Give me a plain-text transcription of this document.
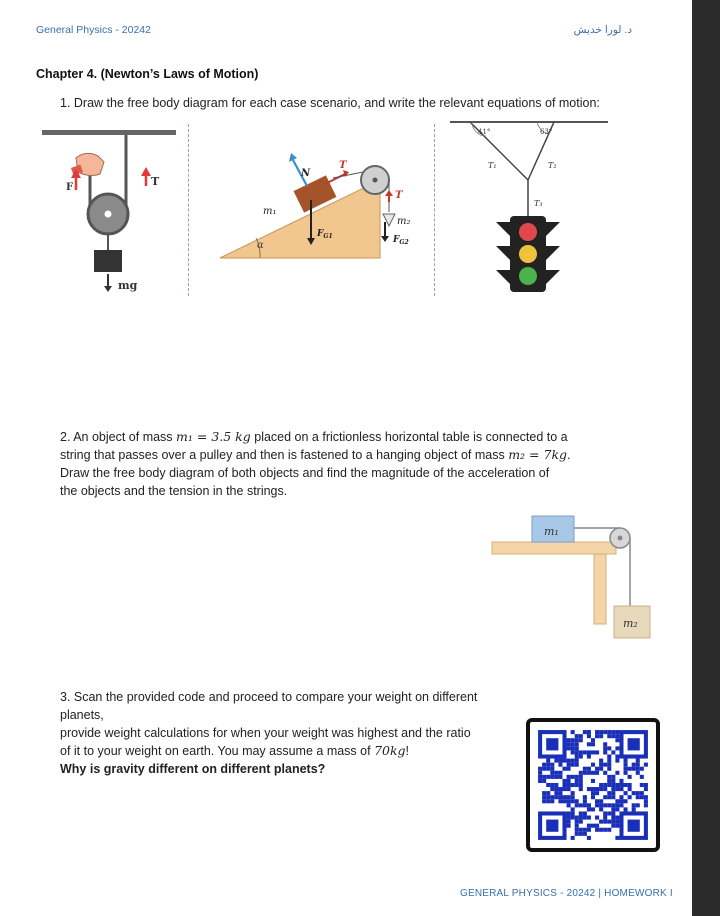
General Physics - 20242	د. لورا خديش
Chapter 4. (Newton’s Laws of Motion)
1. Draw the free body diagram for each case scenario, and write the relevant equations of motion:
F	T
mg
α
N
T
m₁
$F_{G1}$
T
m₂
$F_{G2}$
41°	63°
T₁	T₂
T₃
2. An object of mass m₁ = 3.5 kg placed on a frictionless horizontal table is connected to a
string that passes over a pulley and then is fastened to a hanging object of mass m₂ = 7kg.
Draw the free body diagram of both objects and find the magnitude of the acceleration of
the objects and the tension in the strings.
m₁
m₂
3. Scan the provided code and proceed to compare your weight on different planets,
provide weight calculations for when your weight was highest and the ratio
of it to your weight on earth. You may assume a mass of 70kg!
Why is gravity different on different planets?
GENERAL PHYSICS - 20242 | HOMEWORK I
